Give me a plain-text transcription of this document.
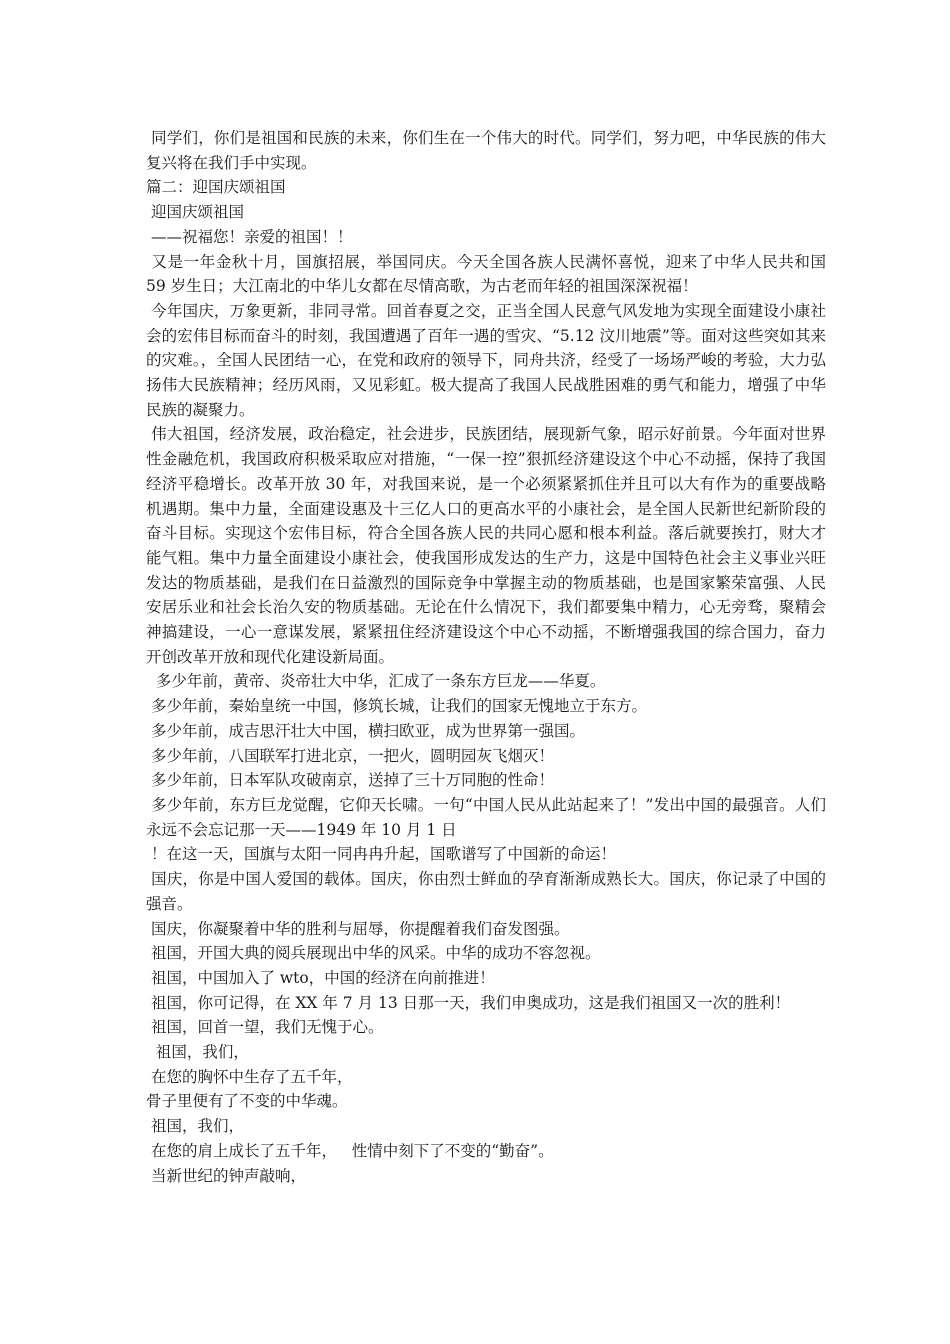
同学们，你们是祖国和民族的未来，你们生在一个伟大的时代。同学们，努力吧，中华民族的伟大复兴将在我们手中实现。

篇二：迎国庆颂祖国

迎国庆颂祖国

——祝福您！亲爱的祖国！！

又是一年金秋十月，国旗招展，举国同庆。今天全国各族人民满怀喜悦，迎来了中华人民共和国 59 岁生日；大江南北的中华儿女都在尽情高歌，为古老而年轻的祖国深深祝福！

今年国庆，万象更新，非同寻常。回首春夏之交，正当全国人民意气风发地为实现全面建设小康社会的宏伟目标而奋斗的时刻，我国遭遇了百年一遇的雪灾、“5.12 汶川地震”等。面对这些突如其来的灾难。，全国人民团结一心，在党和政府的领导下，同舟共济，经受了一场场严峻的考验，大力弘扬伟大民族精神；经历风雨，又见彩虹。极大提高了我国人民战胜困难的勇气和能力，增强了中华民族的凝聚力。

伟大祖国，经济发展，政治稳定，社会进步，民族团结，展现新气象，昭示好前景。今年面对世界性金融危机，我国政府积极采取应对措施，“一保一控”狠抓经济建设这个中心不动摇，保持了我国经济平稳增长。改革开放 30 年，对我国来说，是一个必须紧紧抓住并且可以大有作为的重要战略机遇期。集中力量，全面建设惠及十三亿人口的更高水平的小康社会，是全国人民新世纪新阶段的奋斗目标。实现这个宏伟目标，符合全国各族人民的共同心愿和根本利益。落后就要挨打，财大才能气粗。集中力量全面建设小康社会，使我国形成发达的生产力，这是中国特色社会主义事业兴旺发达的物质基础，是我们在日益激烈的国际竞争中掌握主动的物质基础，也是国家繁荣富强、人民安居乐业和社会长治久安的物质基础。无论在什么情况下，我们都要集中精力，心无旁骛，聚精会神搞建设，一心一意谋发展，紧紧扭住经济建设这个中心不动摇，不断增强我国的综合国力，奋力开创改革开放和现代化建设新局面。

多少年前，黄帝、炎帝壮大中华，汇成了一条东方巨龙——华夏。

多少年前，秦始皇统一中国，修筑长城，让我们的国家无愧地立于东方。

多少年前，成吉思汗壮大中国，横扫欧亚，成为世界第一强国。

多少年前，八国联军打进北京，一把火，圆明园灰飞烟灭！

多少年前，日本军队攻破南京，送掉了三十万同胞的性命！

多少年前，东方巨龙觉醒，它仰天长啸。一句“中国人民从此站起来了！”发出中国的最强音。人们永远不会忘记那一天——1949 年 10 月 1 日

！在这一天，国旗与太阳一同冉冉升起，国歌谱写了中国新的命运！

国庆，你是中国人爱国的载体。国庆，你由烈士鲜血的孕育渐渐成熟长大。国庆，你记录了中国的强音。

国庆，你凝聚着中华的胜利与屈辱，你提醒着我们奋发图强。

祖国，开国大典的阅兵展现出中华的风采。中华的成功不容忽视。

祖国，中国加入了 wto，中国的经济在向前推进！

祖国，你可记得，在 XX 年 7 月 13 日那一天，我们申奥成功，这是我们祖国又一次的胜利！

祖国，回首一望，我们无愧于心。

祖国，我们，

在您的胸怀中生存了五千年，

骨子里便有了不变的中华魂。

祖国，我们，

在您的肩上成长了五千年，   性情中刻下了不变的“勤奋”。

当新世纪的钟声敲响，
